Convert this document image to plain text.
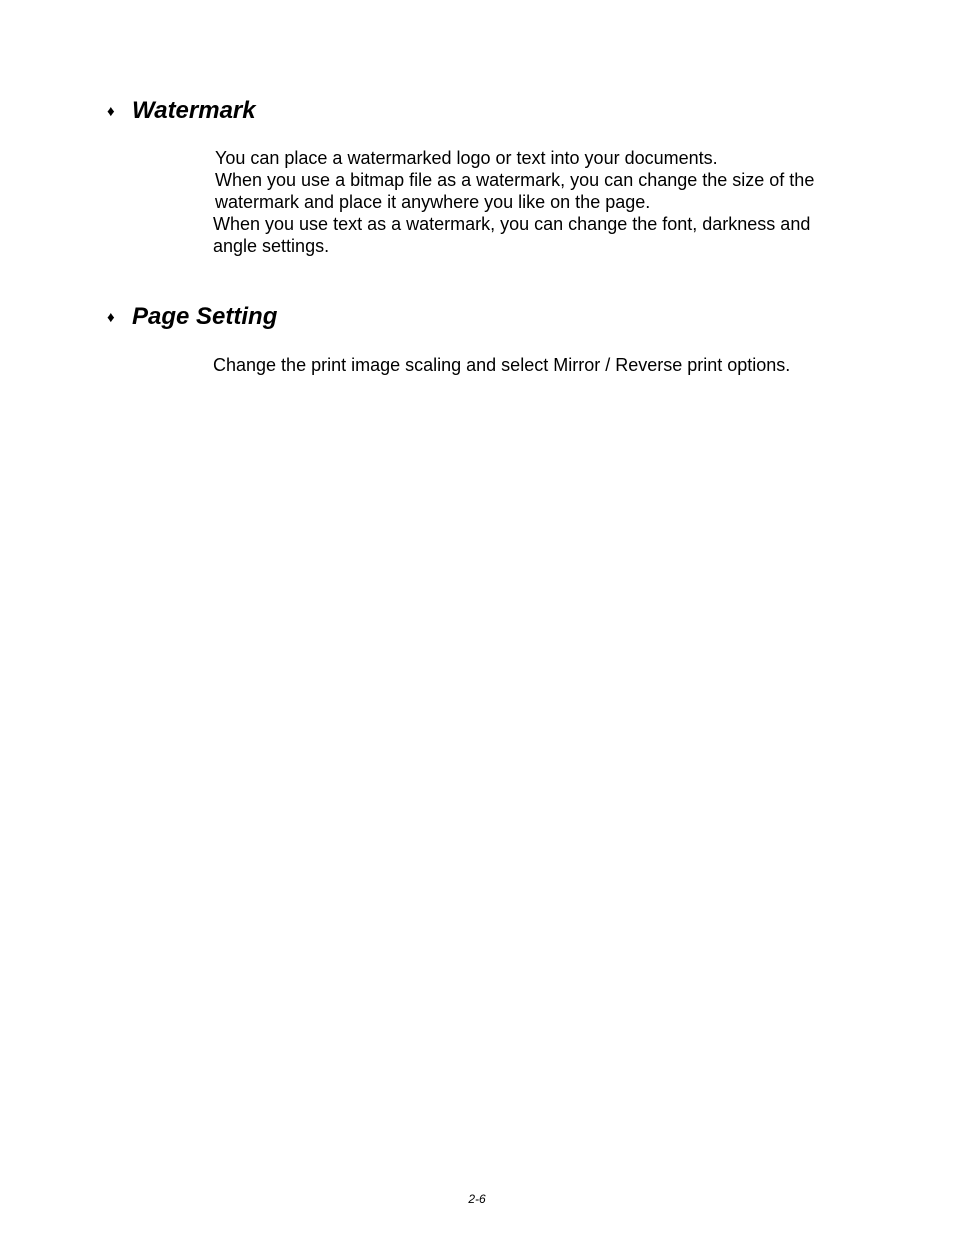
♦ Watermark
You can place a watermarked logo or text into your documents.
When you use a bitmap file as a watermark, you can change the size of the
watermark and place it anywhere you like on the page.
When you use text as a watermark, you can change the font, darkness and
angle settings.
♦ Page Setting
Change the print image scaling and select Mirror / Reverse print options.
2-6
